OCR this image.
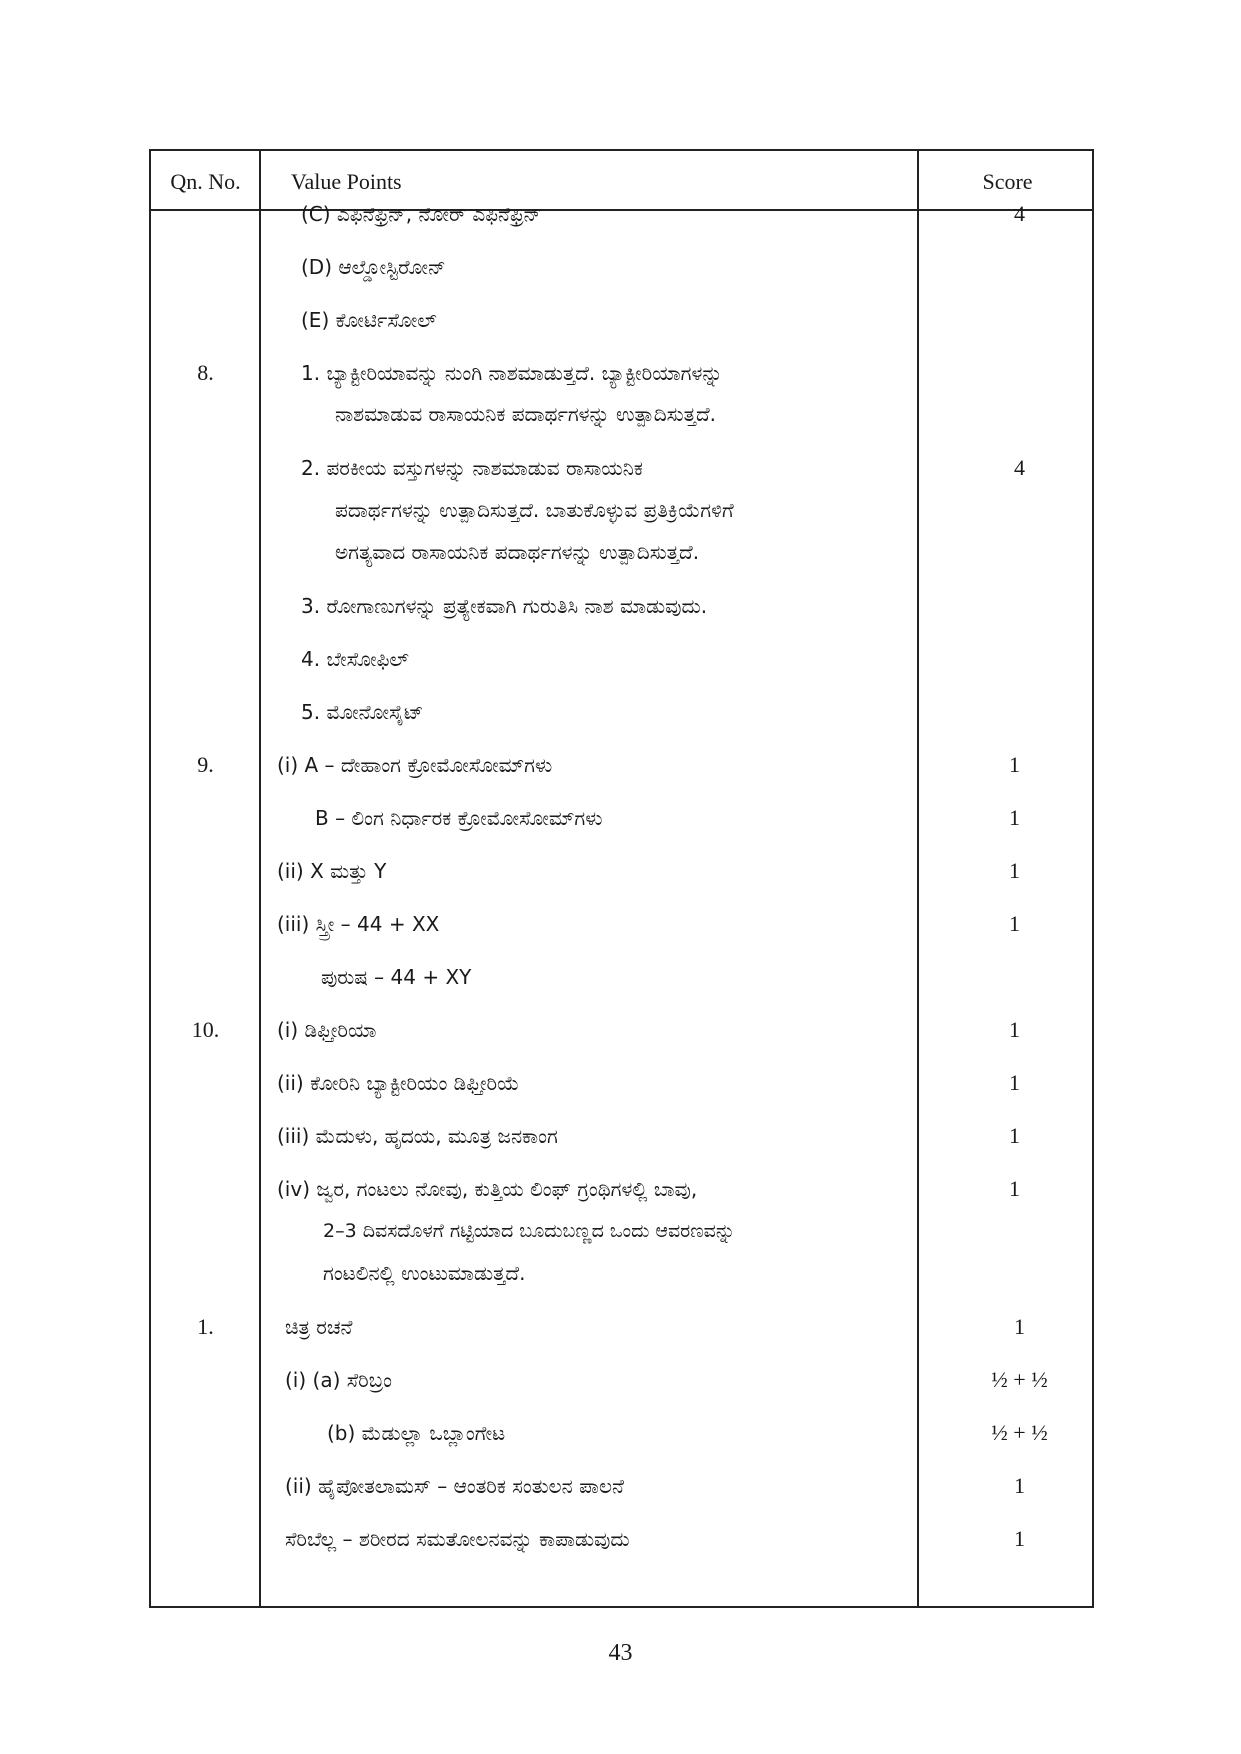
Qn. No.	Value Points	Score
(C) ಎಫಿನೆಫ್ರಿನ್, ನೋರ್ ಎಫಿನೆಫ್ರಿನ್	4
(D) ಆಲ್ಡೋಸ್ಟಿರೋನ್
(E) ಕೋರ್ಟಿಸೋಲ್
8.	1. ಬ್ಯಾಕ್ಟೀರಿಯಾವನ್ನು ನುಂಗಿ ನಾಶಮಾಡುತ್ತದೆ. ಬ್ಯಾಕ್ಟೀರಿಯಾಗಳನ್ನು
ನಾಶಮಾಡುವ ರಾಸಾಯನಿಕ ಪದಾರ್ಥಗಳನ್ನು ಉತ್ಪಾದಿಸುತ್ತದೆ.
2. ಪರಕೀಯ ವಸ್ತುಗಳನ್ನು ನಾಶಮಾಡುವ ರಾಸಾಯನಿಕ	4
ಪದಾರ್ಥಗಳನ್ನು ಉತ್ಪಾದಿಸುತ್ತದೆ. ಬಾತುಕೊಳ್ಳುವ ಪ್ರತಿಕ್ರಿಯೆಗಳಿಗೆ
ಅಗತ್ಯವಾದ ರಾಸಾಯನಿಕ ಪದಾರ್ಥಗಳನ್ನು ಉತ್ಪಾದಿಸುತ್ತದೆ.
3. ರೋಗಾಣುಗಳನ್ನು ಪ್ರತ್ಯೇಕವಾಗಿ ಗುರುತಿಸಿ ನಾಶ ಮಾಡುವುದು.
4. ಬೇಸೋಫಿಲ್
5. ಮೋನೋಸೈಟ್
9.	(i) A – ದೇಹಾಂಗ ಕ್ರೋಮೋಸೋಮ್‌ಗಳು	1
B – ಲಿಂಗ ನಿರ್ಧಾರಕ ಕ್ರೋಮೋಸೋಮ್‌ಗಳು	1
(ii) X ಮತ್ತು Y	1
(iii) ಸ್ತ್ರೀ – 44 + XX	1
ಪುರುಷ – 44 + XY
10.	(i) ಡಿಫ್ತೀರಿಯಾ	1
(ii) ಕೋರಿನಿ ಬ್ಯಾಕ್ಟೀರಿಯಂ ಡಿಫ್ತೀರಿಯೆ	1
(iii) ಮೆದುಳು, ಹೃದಯ, ಮೂತ್ರ ಜನಕಾಂಗ	1
(iv) ಜ್ವರ, ಗಂಟಲು ನೋವು, ಕುತ್ತಿಯ ಲಿಂಫ್ ಗ್ರಂಥಿಗಳಲ್ಲಿ ಬಾವು,	1
2–3 ದಿವಸದೊಳಗೆ ಗಟ್ಟಿಯಾದ ಬೂದುಬಣ್ಣದ ಒಂದು ಆವರಣವನ್ನು
ಗಂಟಲಿನಲ್ಲಿ ಉಂಟುಮಾಡುತ್ತದೆ.
1.	ಚಿತ್ರ ರಚನೆ	1
(i) (a) ಸೆರಿಬ್ರಂ	½ + ½
(b) ಮೆಡುಲ್ಲಾ ಒಬ್ಲಾಂಗೇಟ	½ + ½
(ii) ಹೈಪೋತಲಾಮಸ್ – ಆಂತರಿಕ ಸಂತುಲನ ಪಾಲನೆ	1
ಸೆರಿಬೆಲ್ಲ – ಶರೀರದ ಸಮತೋಲನವನ್ನು ಕಾಪಾಡುವುದು	1
43
